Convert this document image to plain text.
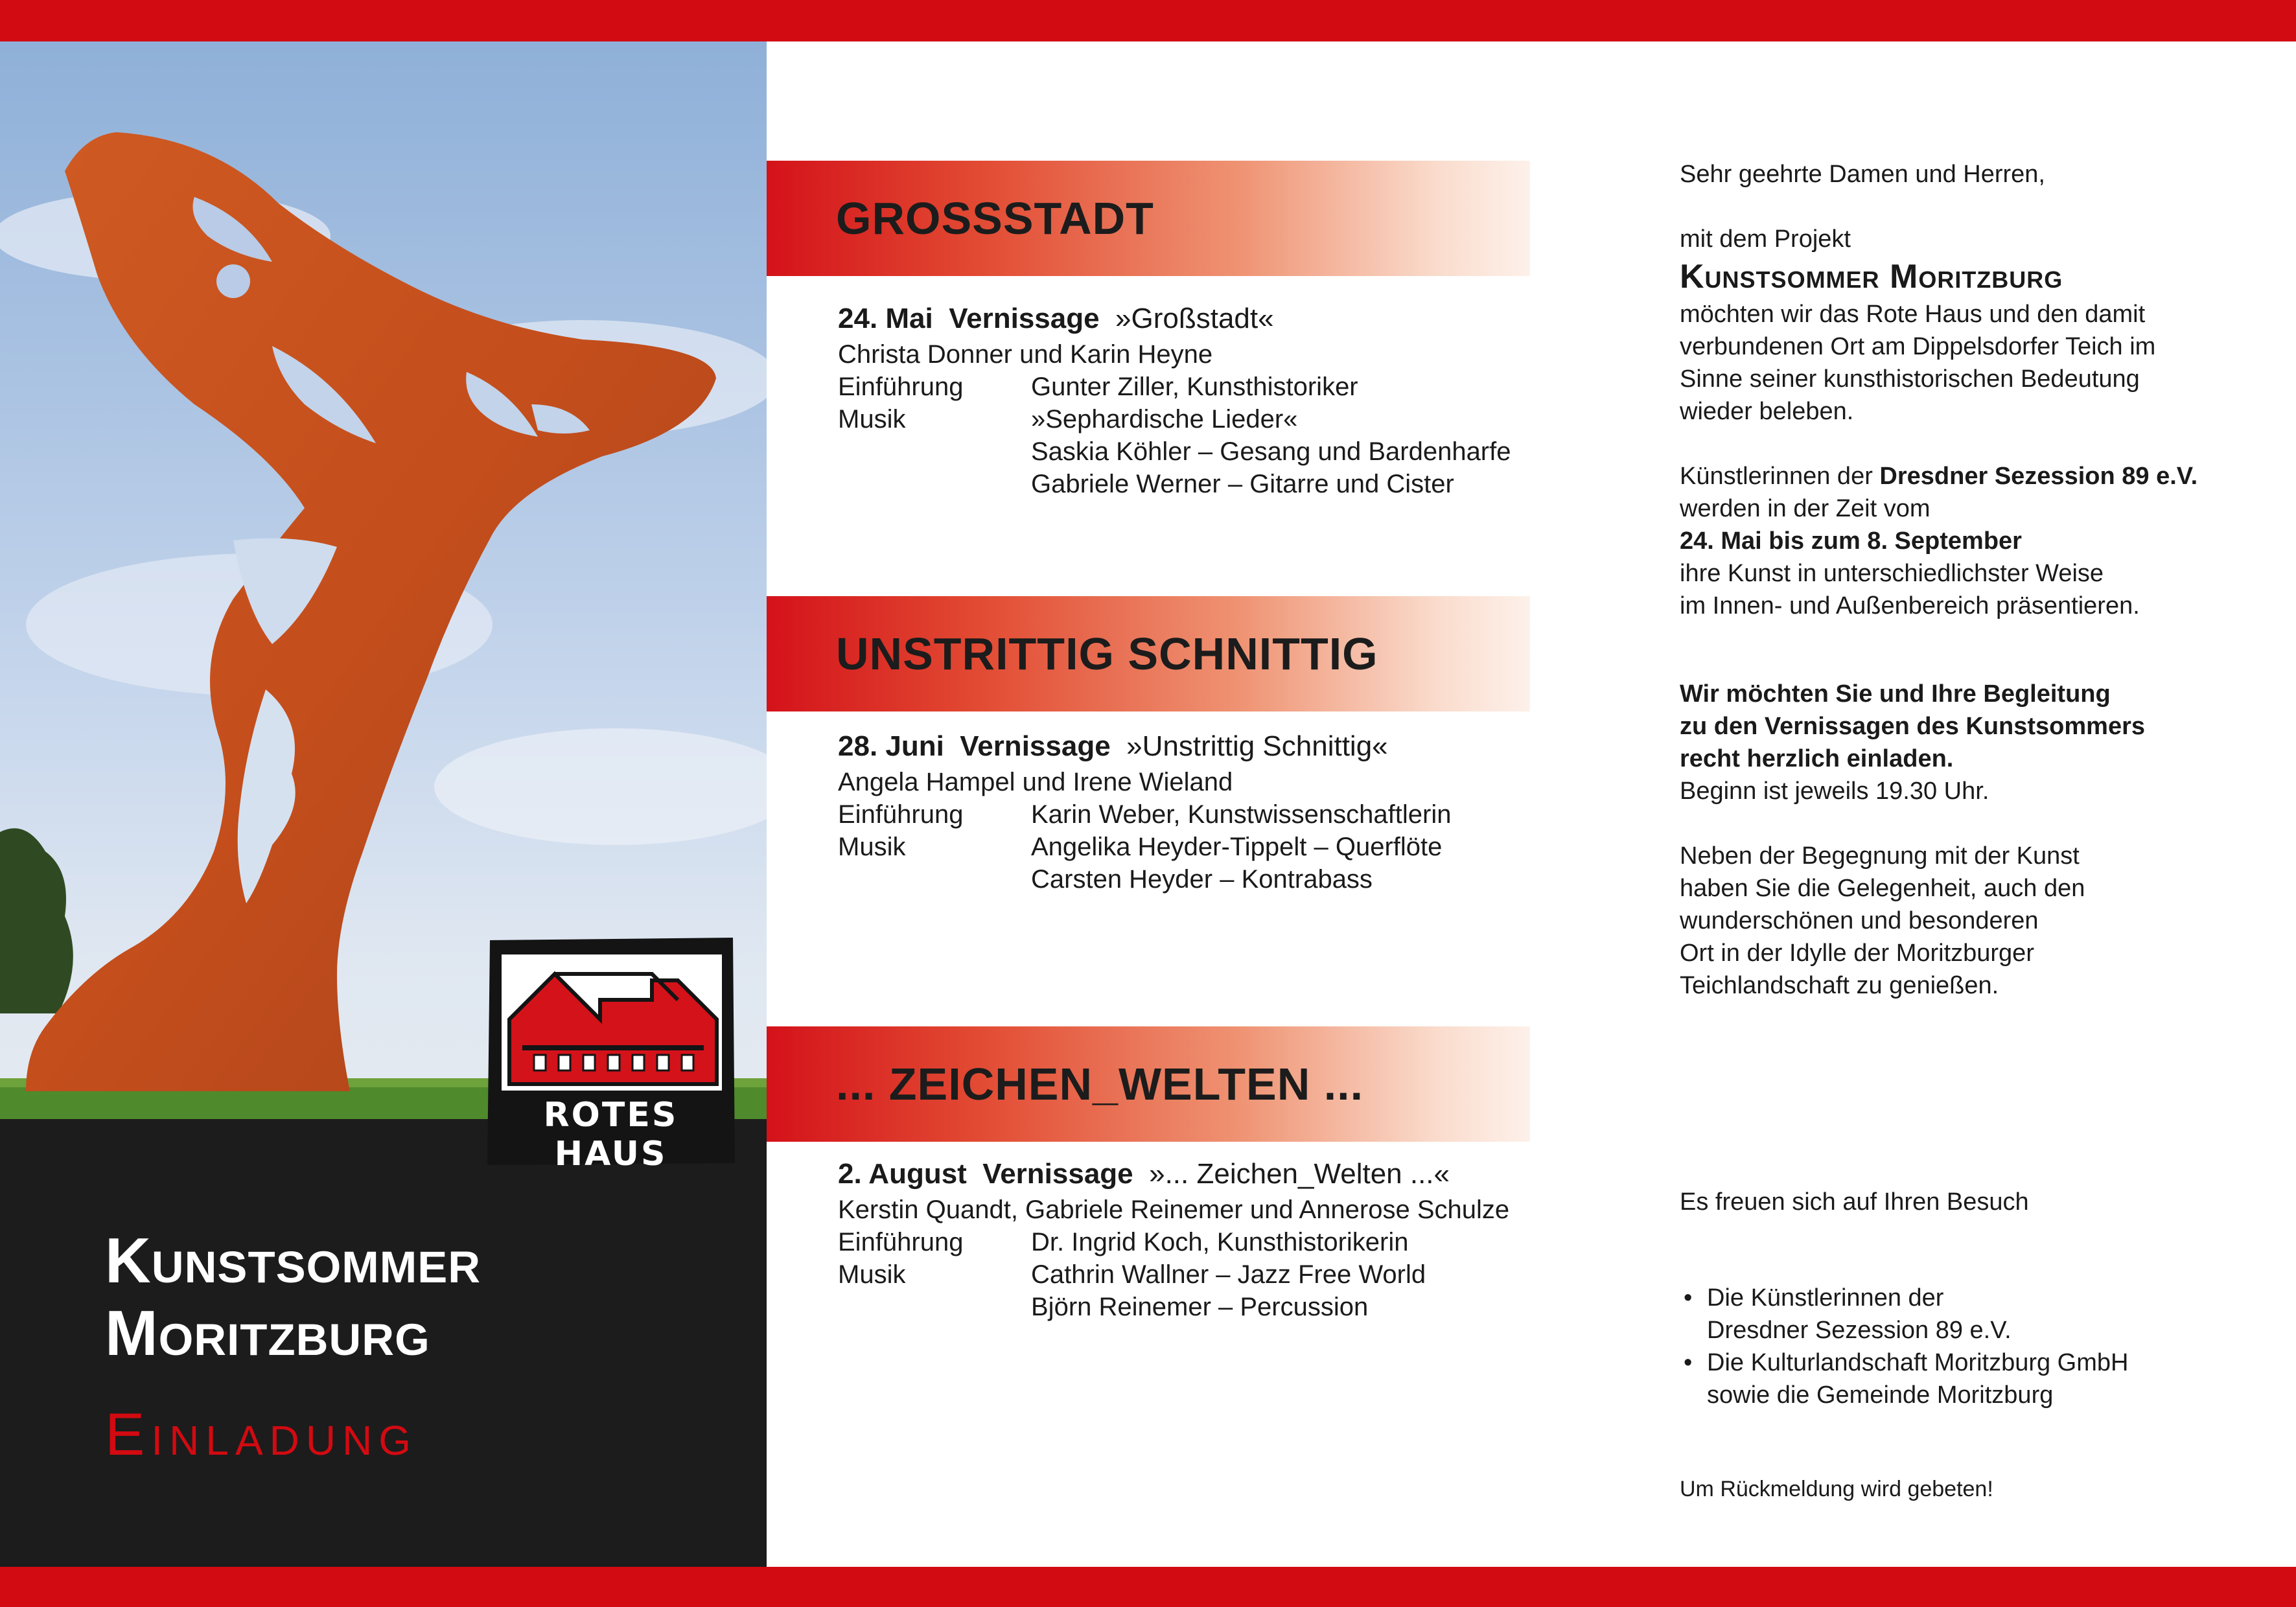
Kunstsommer
Moritzburg

Einladung

ROTES HAUS
GROSSSTADT
24. Mai Vernissage »Großstadt«
Christa Donner und Karin Heyne
Einführung	Gunter Ziller, Kunsthistoriker
Musik	»Sephardische Lieder«
Saskia Köhler – Gesang und Bardenharfe
Gabriele Werner – Gitarre und Cister
UNSTRITTIG SCHNITTIG
28. Juni Vernissage »Unstrittig Schnittig«
Angela Hampel und Irene Wieland
Einführung	Karin Weber, Kunstwissenschaftlerin
Musik	Angelika Heyder-Tippelt – Querflöte
Carsten Heyder – Kontrabass
... ZEICHEN_WELTEN ...
2. August Vernissage »... Zeichen_Welten ...«
Kerstin Quandt, Gabriele Reinemer und Annerose Schulze
Einführung	Dr. Ingrid Koch, Kunsthistorikerin
Musik	Cathrin Wallner – Jazz Free World
Björn Reinemer – Percussion

Sehr geehrte Damen und Herren,

mit dem Projekt

Kunstsommer Moritzburg

möchten wir das Rote Haus und den damit

verbundenen Ort am Dippelsdorfer Teich im

Sinne seiner kunsthistorischen Bedeutung

wieder beleben.

Künstlerinnen der Dresdner Sezession 89 e.V.

werden in der Zeit vom

24. Mai bis zum 8. September

ihre Kunst in unterschiedlichster Weise

im Innen- und Außenbereich präsentieren.

Wir möchten Sie und Ihre Begleitung

zu den Vernissagen des Kunstsommers

recht herzlich einladen.

Beginn ist jeweils 19.30 Uhr.

Neben der Begegnung mit der Kunst

haben Sie die Gelegenheit, auch den

wunderschönen und besonderen

Ort in der Idylle der Moritzburger

Teichlandschaft zu genießen.

Es freuen sich auf Ihren Besuch
• Die Künstlerinnen der
Dresdner Sezession 89 e.V.
• Die Kulturlandschaft Moritzburg GmbH
sowie die Gemeinde Moritzburg
Um Rückmeldung wird gebeten!
